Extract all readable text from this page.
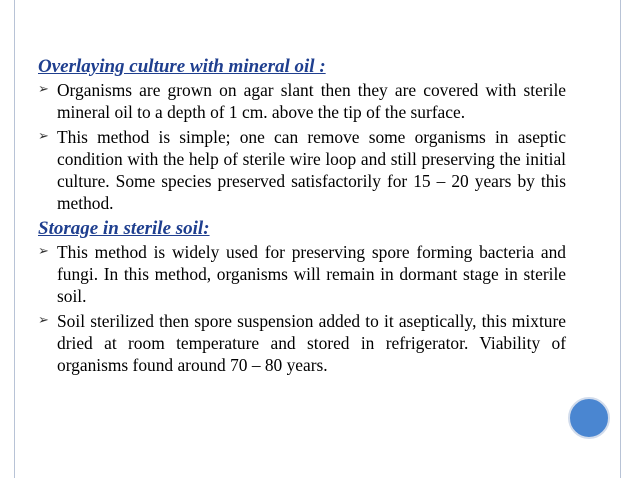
Overlaying culture with mineral oil :

➢ Organisms are grown on agar slant then they are covered with sterile mineral oil to a depth of 1 cm. above the tip of the surface.
➢ This method is simple; one can remove some organisms in aseptic condition with the help of sterile wire loop and still preserving the initial culture. Some species preserved satisfactorily for 15 – 20 years by this method.

Storage in sterile soil:

➢ This method is widely used for preserving spore forming bacteria and fungi. In this method, organisms will remain in dormant stage in sterile soil.
➢ Soil sterilized then spore suspension added to it aseptically, this mixture dried at room temperature and stored in refrigerator. Viability of organisms found around 70 – 80 years.
